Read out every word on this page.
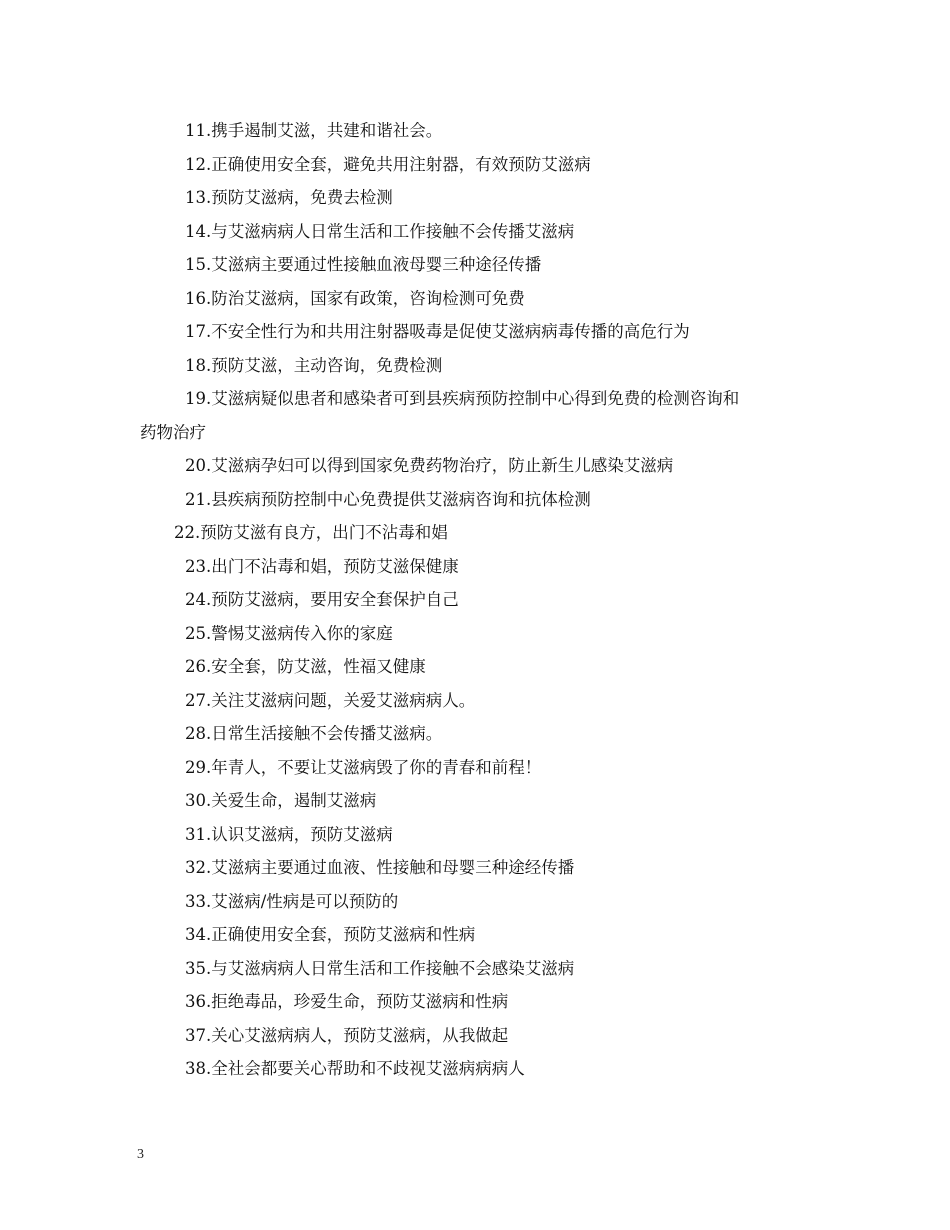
11.携手遏制艾滋，共建和谐社会。
12.正确使用安全套，避免共用注射器，有效预防艾滋病
13.预防艾滋病，免费去检测
14.与艾滋病病人日常生活和工作接触不会传播艾滋病
15.艾滋病主要通过性接触血液母婴三种途径传播
16.防治艾滋病，国家有政策，咨询检测可免费
17.不安全性行为和共用注射器吸毒是促使艾滋病病毒传播的高危行为
18.预防艾滋，主动咨询，免费检测
19.艾滋病疑似患者和感染者可到县疾病预防控制中心得到免费的检测咨询和
药物治疗
20.艾滋病孕妇可以得到国家免费药物治疗，防止新生儿感染艾滋病
21.县疾病预防控制中心免费提供艾滋病咨询和抗体检测
22.预防艾滋有良方，出门不沾毒和娼
23.出门不沾毒和娼，预防艾滋保健康
24.预防艾滋病，要用安全套保护自己
25.警惕艾滋病传入你的家庭
26.安全套，防艾滋，性福又健康
27.关注艾滋病问题，关爱艾滋病病人。
28.日常生活接触不会传播艾滋病。
29.年青人，不要让艾滋病毁了你的青春和前程！
30.关爱生命，遏制艾滋病
31.认识艾滋病，预防艾滋病
32.艾滋病主要通过血液、性接触和母婴三种途经传播
33.艾滋病/性病是可以预防的
34.正确使用安全套，预防艾滋病和性病
35.与艾滋病病人日常生活和工作接触不会感染艾滋病
36.拒绝毒品，珍爱生命，预防艾滋病和性病
37.关心艾滋病病人，预防艾滋病，从我做起
38.全社会都要关心帮助和不歧视艾滋病病病人
3
